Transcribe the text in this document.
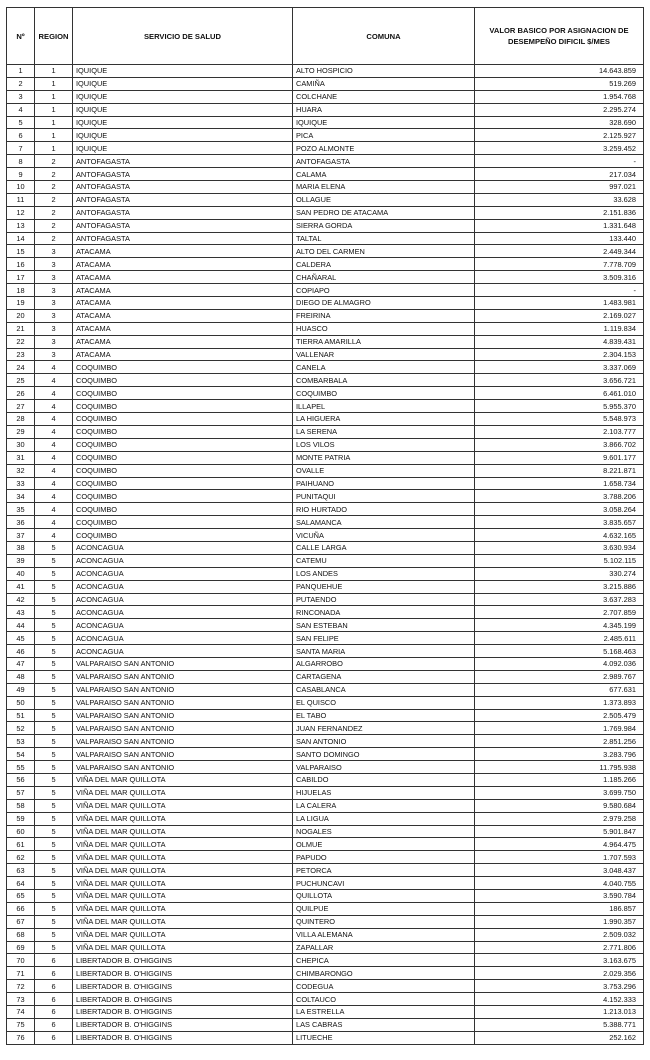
Nº	REGION	SERVICIO DE SALUD	COMUNA	VALOR BASICO POR ASIGNACION DE DESEMPEÑO DIFICIL $/MES
1	1	IQUIQUE	ALTO HOSPICIO	14.643.859
2	1	IQUIQUE	CAMIÑA	519.269
3	1	IQUIQUE	COLCHANE	1.954.768
4	1	IQUIQUE	HUARA	2.295.274
5	1	IQUIQUE	IQUIQUE	328.690
6	1	IQUIQUE	PICA	2.125.927
7	1	IQUIQUE	POZO ALMONTE	3.259.452
8	2	ANTOFAGASTA	ANTOFAGASTA	-
9	2	ANTOFAGASTA	CALAMA	217.034
10	2	ANTOFAGASTA	MARIA ELENA	997.021
11	2	ANTOFAGASTA	OLLAGUE	33.628
12	2	ANTOFAGASTA	SAN PEDRO DE ATACAMA	2.151.836
13	2	ANTOFAGASTA	SIERRA GORDA	1.331.648
14	2	ANTOFAGASTA	TALTAL	133.440
15	3	ATACAMA	ALTO DEL CARMEN	2.449.344
16	3	ATACAMA	CALDERA	7.778.709
17	3	ATACAMA	CHAÑARAL	3.509.316
18	3	ATACAMA	COPIAPO	-
19	3	ATACAMA	DIEGO DE ALMAGRO	1.483.981
20	3	ATACAMA	FREIRINA	2.169.027
21	3	ATACAMA	HUASCO	1.119.834
22	3	ATACAMA	TIERRA AMARILLA	4.839.431
23	3	ATACAMA	VALLENAR	2.304.153
24	4	COQUIMBO	CANELA	3.337.069
25	4	COQUIMBO	COMBARBALA	3.656.721
26	4	COQUIMBO	COQUIMBO	6.461.010
27	4	COQUIMBO	ILLAPEL	5.955.370
28	4	COQUIMBO	LA HIGUERA	5.548.973
29	4	COQUIMBO	LA SERENA	2.103.777
30	4	COQUIMBO	LOS VILOS	3.866.702
31	4	COQUIMBO	MONTE PATRIA	9.601.177
32	4	COQUIMBO	OVALLE	8.221.871
33	4	COQUIMBO	PAIHUANO	1.658.734
34	4	COQUIMBO	PUNITAQUI	3.788.206
35	4	COQUIMBO	RIO HURTADO	3.058.264
36	4	COQUIMBO	SALAMANCA	3.835.657
37	4	COQUIMBO	VICUÑA	4.632.165
38	5	ACONCAGUA	CALLE LARGA	3.630.934
39	5	ACONCAGUA	CATEMU	5.102.115
40	5	ACONCAGUA	LOS ANDES	330.274
41	5	ACONCAGUA	PANQUEHUE	3.215.886
42	5	ACONCAGUA	PUTAENDO	3.637.283
43	5	ACONCAGUA	RINCONADA	2.707.859
44	5	ACONCAGUA	SAN ESTEBAN	4.345.199
45	5	ACONCAGUA	SAN FELIPE	2.485.611
46	5	ACONCAGUA	SANTA MARIA	5.168.463
47	5	VALPARAISO SAN ANTONIO	ALGARROBO	4.092.036
48	5	VALPARAISO SAN ANTONIO	CARTAGENA	2.989.767
49	5	VALPARAISO SAN ANTONIO	CASABLANCA	677.631
50	5	VALPARAISO SAN ANTONIO	EL QUISCO	1.373.893
51	5	VALPARAISO SAN ANTONIO	EL TABO	2.505.479
52	5	VALPARAISO SAN ANTONIO	JUAN FERNANDEZ	1.769.984
53	5	VALPARAISO SAN ANTONIO	SAN ANTONIO	2.851.256
54	5	VALPARAISO SAN ANTONIO	SANTO DOMINGO	3.283.796
55	5	VALPARAISO SAN ANTONIO	VALPARAISO	11.795.938
56	5	VIÑA DEL MAR QUILLOTA	CABILDO	1.185.266
57	5	VIÑA DEL MAR QUILLOTA	HIJUELAS	3.699.750
58	5	VIÑA DEL MAR QUILLOTA	LA CALERA	9.580.684
59	5	VIÑA DEL MAR QUILLOTA	LA LIGUA	2.979.258
60	5	VIÑA DEL MAR QUILLOTA	NOGALES	5.901.847
61	5	VIÑA DEL MAR QUILLOTA	OLMUE	4.964.475
62	5	VIÑA DEL MAR QUILLOTA	PAPUDO	1.707.593
63	5	VIÑA DEL MAR QUILLOTA	PETORCA	3.048.437
64	5	VIÑA DEL MAR QUILLOTA	PUCHUNCAVI	4.040.755
65	5	VIÑA DEL MAR QUILLOTA	QUILLOTA	3.590.784
66	5	VIÑA DEL MAR QUILLOTA	QUILPUE	186.857
67	5	VIÑA DEL MAR QUILLOTA	QUINTERO	1.990.357
68	5	VIÑA DEL MAR QUILLOTA	VILLA ALEMANA	2.509.032
69	5	VIÑA DEL MAR QUILLOTA	ZAPALLAR	2.771.806
70	6	LIBERTADOR B. O'HIGGINS	CHEPICA	3.163.675
71	6	LIBERTADOR B. O'HIGGINS	CHIMBARONGO	2.029.356
72	6	LIBERTADOR B. O'HIGGINS	CODEGUA	3.753.296
73	6	LIBERTADOR B. O'HIGGINS	COLTAUCO	4.152.333
74	6	LIBERTADOR B. O'HIGGINS	LA ESTRELLA	1.213.013
75	6	LIBERTADOR B. O'HIGGINS	LAS CABRAS	5.388.771
76	6	LIBERTADOR B. O'HIGGINS	LITUECHE	252.162
